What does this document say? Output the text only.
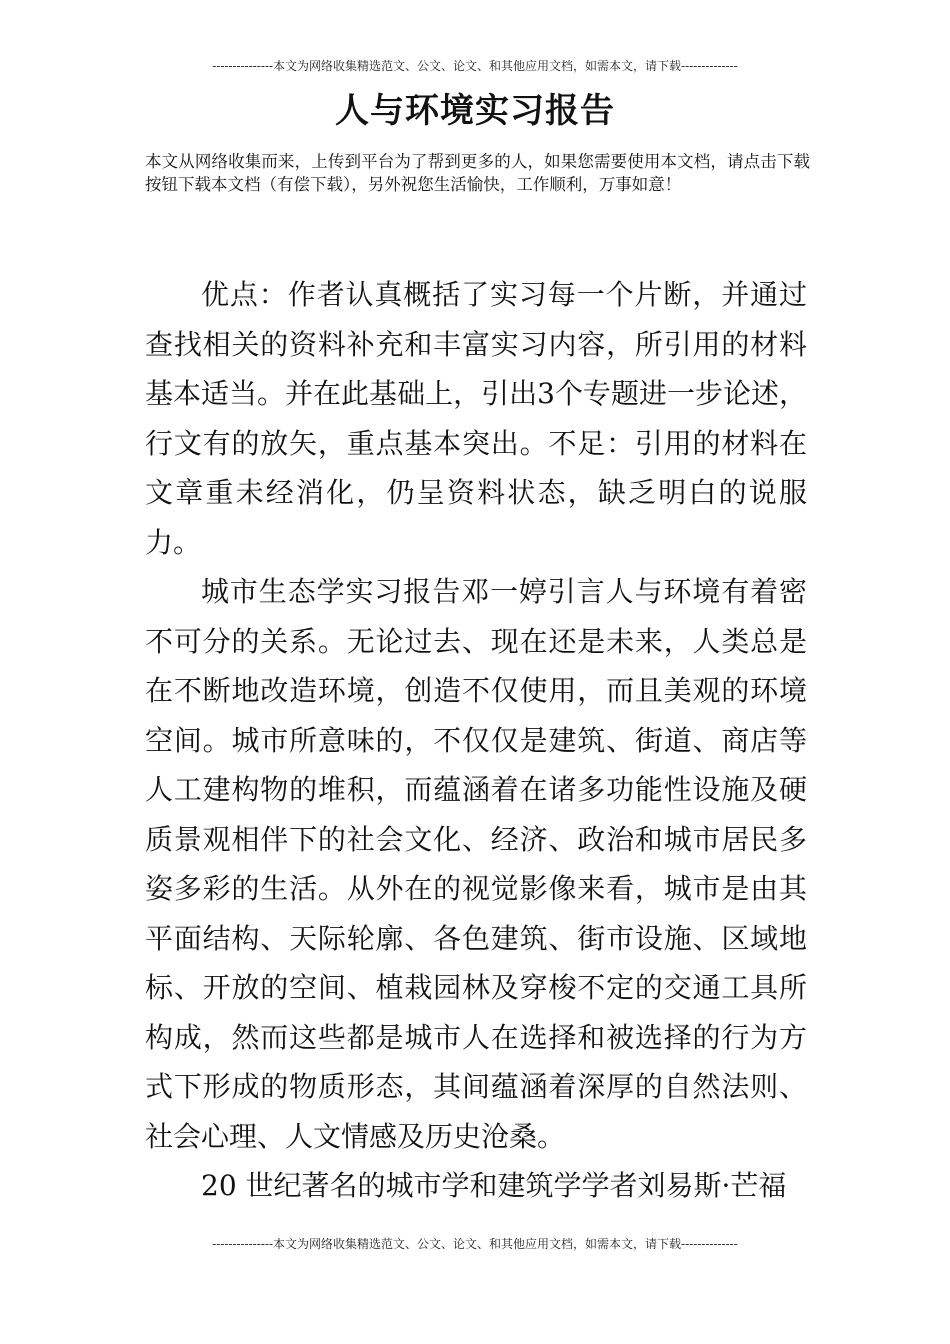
---------------本文为网络收集精选范文、公文、论文、和其他应用文档，如需本文，请下载--------------
人与环境实习报告
本文从网络收集而来，上传到平台为了帮到更多的人，如果您需要使用本文档，请点击下载按钮下载本文档（有偿下载），另外祝您生活愉快，工作顺利，万事如意！

优点：作者认真概括了实习每一个片断，并通过查找相关的资料补充和丰富实习内容，所引用的材料基本适当。并在此基础上，引出3个专题进一步论述，行文有的放矢，重点基本突出。不足：引用的材料在文章重未经消化，仍呈资料状态，缺乏明白的说服力。

城市生态学实习报告邓一婷引言人与环境有着密不可分的关系。无论过去、现在还是未来，人类总是在不断地改造环境，创造不仅使用，而且美观的环境空间。城市所意味的，不仅仅是建筑、街道、商店等人工建构物的堆积，而蕴涵着在诸多功能性设施及硬质景观相伴下的社会文化、经济、政治和城市居民多姿多彩的生活。从外在的视觉影像来看，城市是由其平面结构、天际轮廓、各色建筑、街市设施、区域地标、开放的空间、植栽园林及穿梭不定的交通工具所构成，然而这些都是城市人在选择和被选择的行为方式下形成的物质形态，其间蕴涵着深厚的自然法则、社会心理、人文情感及历史沧桑。

20 世纪著名的城市学和建筑学学者刘易斯·芒福

---------------本文为网络收集精选范文、公文、论文、和其他应用文档，如需本文，请下载--------------
